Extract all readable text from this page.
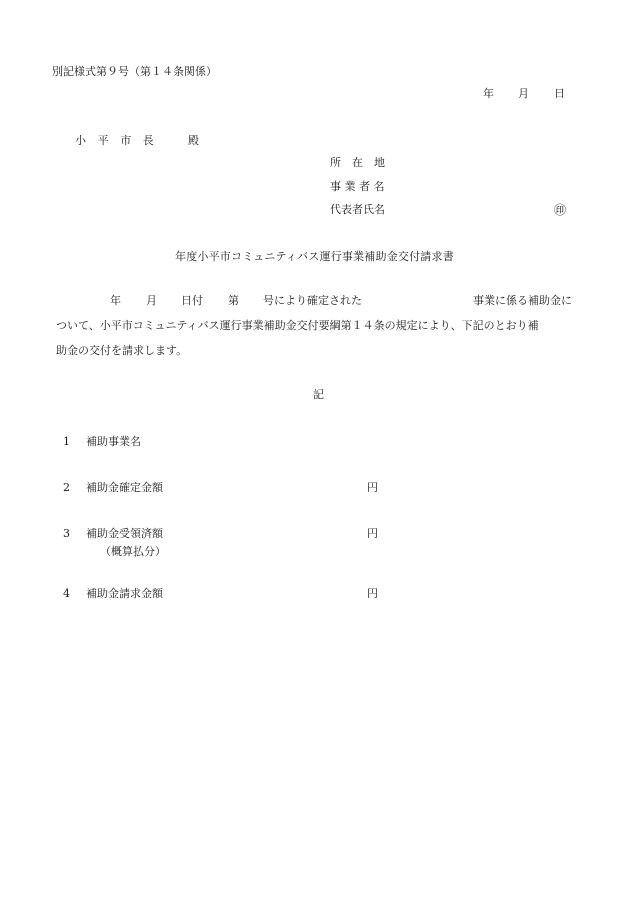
別記様式第９号（第１４条関係）
年 月 日
小　平　市　長　　　殿
所　在　地
事 業 者 名
代表者氏名	㊞
年度小平市コミュニティバス運行事業補助金交付請求書
年 月 日付 第 号により確定された	事業に係る補助金に
ついて、小平市コミュニティバス運行事業補助金交付要綱第１４条の規定により、下記のとおり補
助金の交付を請求します。
記
1 補助事業名
2 補助金確定金額	円
3 補助金受領済額	円
（概算払分）
4 補助金請求金額	円
